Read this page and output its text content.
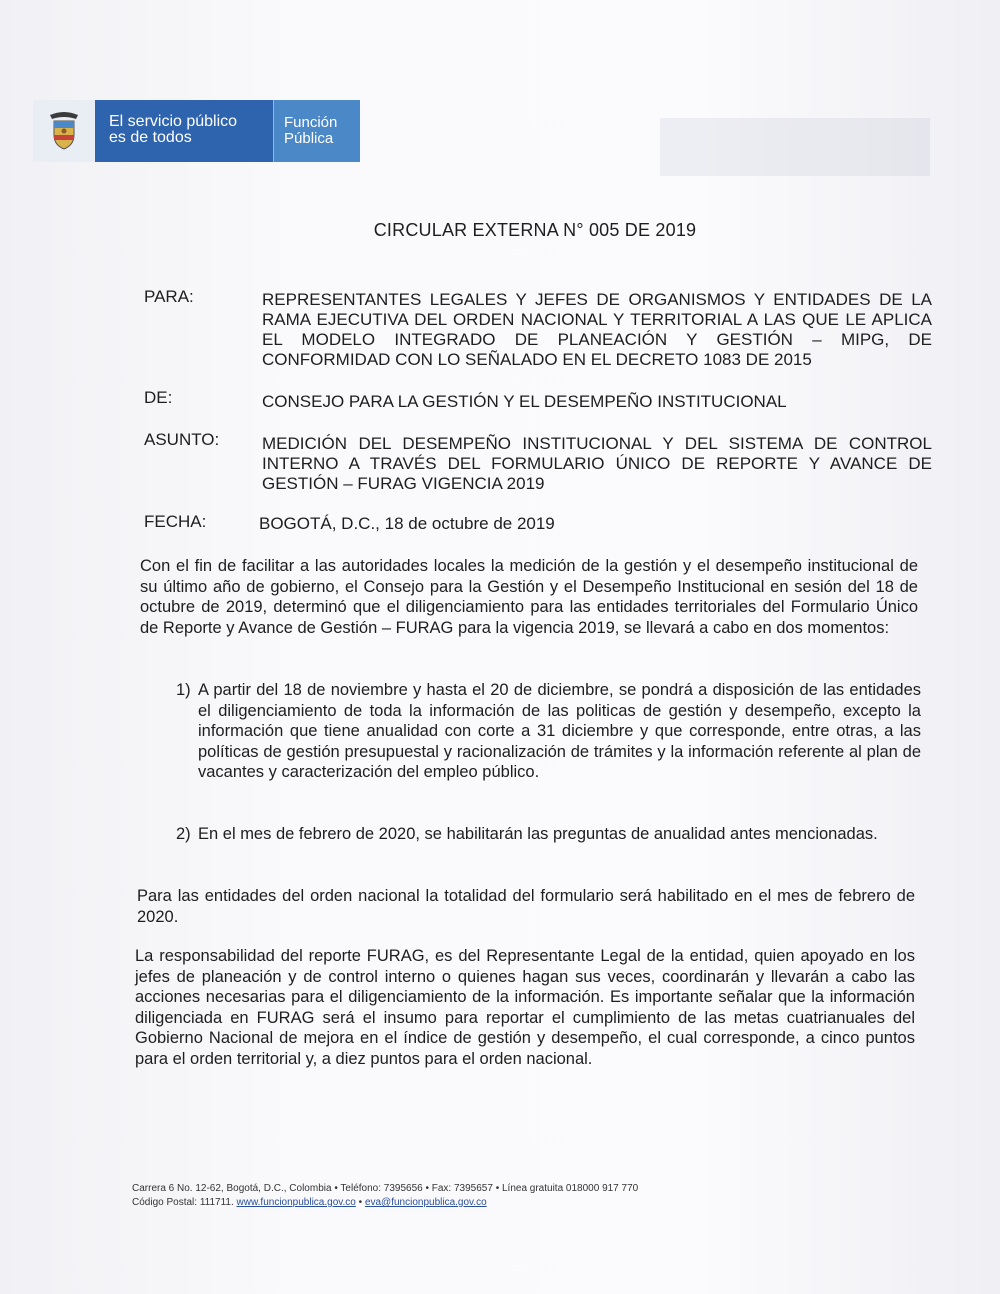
El servicio público
es de todos
Función
Pública
CIRCULAR EXTERNA N° 005 DE 2019
PARA:	REPRESENTANTES LEGALES Y JEFES DE ORGANISMOS Y ENTIDADES DE LA RAMA EJECUTIVA DEL ORDEN NACIONAL Y TERRITORIAL A LAS QUE LE APLICA EL MODELO INTEGRADO DE PLANEACIÓN Y GESTIÓN – MIPG, DE CONFORMIDAD CON LO SEÑALADO EN EL DECRETO 1083 DE 2015
DE:	CONSEJO PARA LA GESTIÓN Y EL DESEMPEÑO INSTITUCIONAL
ASUNTO:	MEDICIÓN DEL DESEMPEÑO INSTITUCIONAL Y DEL SISTEMA DE CONTROL INTERNO A TRAVÉS DEL FORMULARIO ÚNICO DE REPORTE Y AVANCE DE GESTIÓN – FURAG VIGENCIA 2019
FECHA:	BOGOTÁ, D.C., 18 de octubre de 2019
Con el fin de facilitar a las autoridades locales la medición de la gestión y el desempeño institucional de su último año de gobierno, el Consejo para la Gestión y el Desempeño Institucional en sesión del 18 de octubre de 2019, determinó que el diligenciamiento para las entidades territoriales del Formulario Único de Reporte y Avance de Gestión – FURAG para la vigencia 2019, se llevará a cabo en dos momentos:
1) A partir del 18 de noviembre y hasta el 20 de diciembre, se pondrá a disposición de las entidades el diligenciamiento de toda la información de las politicas de gestión y desempeño, excepto la información que tiene anualidad con corte a 31 diciembre y que corresponde, entre otras, a las políticas de gestión presupuestal y racionalización de trámites y la información referente al plan de vacantes y caracterización del empleo público.
2) En el mes de febrero de 2020, se habilitarán las preguntas de anualidad antes mencionadas.
Para las entidades del orden nacional la totalidad del formulario será habilitado en el mes de febrero de 2020.
La responsabilidad del reporte FURAG, es del Representante Legal de la entidad, quien apoyado en los jefes de planeación y de control interno o quienes hagan sus veces, coordinarán y llevarán a cabo las acciones necesarias para el diligenciamiento de la información. Es importante señalar que la información diligenciada en FURAG será el insumo para reportar el cumplimiento de las metas cuatrianuales del Gobierno Nacional de mejora en el índice de gestión y desempeño, el cual corresponde, a cinco puntos para el orden territorial y, a diez puntos para el orden nacional.
Carrera 6 No. 12-62, Bogotá, D.C., Colombia • Teléfono: 7395656 • Fax: 7395657 • Línea gratuita 018000 917 770
Código Postal: 111711. www.funcionpublica.gov.co • eva@funcionpublica.gov.co
